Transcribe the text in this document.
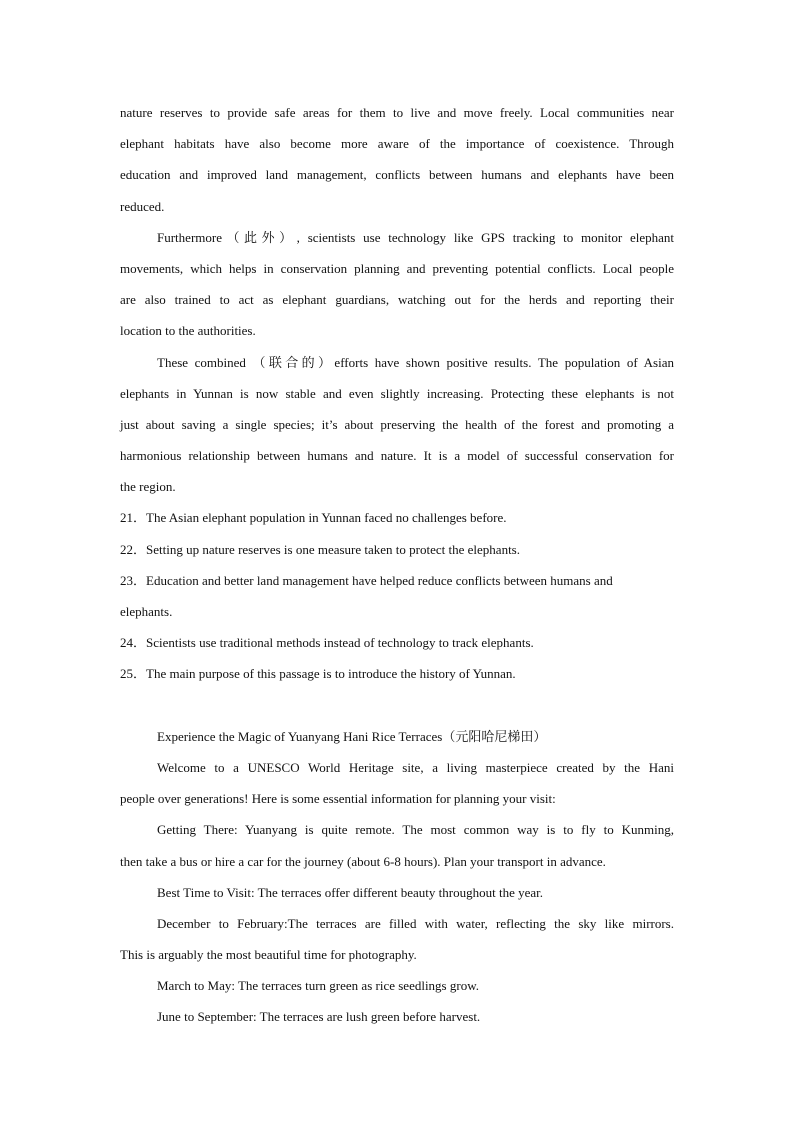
nature reserves to provide safe areas for them to live and move freely. Local communities near
elephant habitats have also become more aware of the importance of coexistence. Through
education and improved land management, conflicts between humans and elephants have been
reduced.
Furthermore（此外）, scientists use technology like GPS tracking to monitor elephant
movements, which helps in conservation planning and preventing potential conflicts. Local people
are also trained to act as elephant guardians, watching out for the herds and reporting their
location to the authorities.
These combined （联合的）efforts have shown positive results. The population of Asian
elephants in Yunnan is now stable and even slightly increasing. Protecting these elephants is not
just about saving a single species; it’s about preserving the health of the forest and promoting a
harmonious relationship between humans and nature. It is a model of successful conservation for
the region.
21．The Asian elephant population in Yunnan faced no challenges before.
22．Setting up nature reserves is one measure taken to protect the elephants.
23．Education and better land management have helped reduce conflicts between humans and
elephants.
24．Scientists use traditional methods instead of technology to track elephants.
25．The main purpose of this passage is to introduce the history of Yunnan.
Experience the Magic of Yuanyang Hani Rice Terraces（元阳哈尼梯田）
Welcome to a UNESCO World Heritage site, a living masterpiece created by the Hani
people over generations! Here is some essential information for planning your visit:
Getting There: Yuanyang is quite remote. The most common way is to fly to Kunming,
then take a bus or hire a car for the journey (about 6-8 hours). Plan your transport in advance.
Best Time to Visit: The terraces offer different beauty throughout the year.
December to February:The terraces are filled with water, reflecting the sky like mirrors.
This is arguably the most beautiful time for photography.
March to May: The terraces turn green as rice seedlings grow.
June to September: The terraces are lush green before harvest.
